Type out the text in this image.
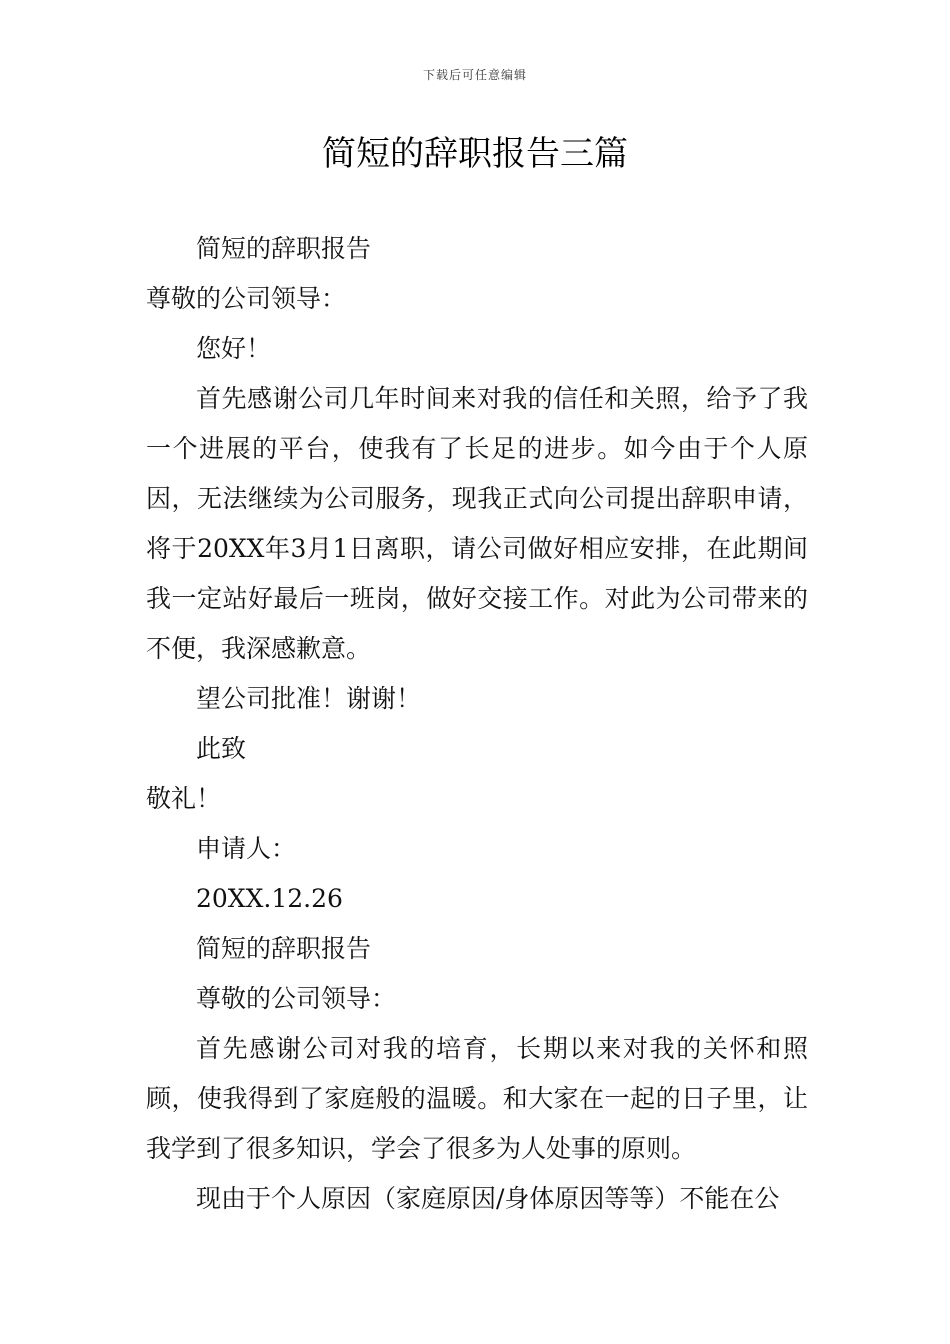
下载后可任意编辑
简短的辞职报告三篇

简短的辞职报告

尊敬的公司领导：

您好！

首先感谢公司几年时间来对我的信任和关照，给予了我一个进展的平台，使我有了长足的进步。如今由于个人原因，无法继续为公司服务，现我正式向公司提出辞职申请，将于20XX年3月1日离职，请公司做好相应安排，在此期间我一定站好最后一班岗，做好交接工作。对此为公司带来的不便，我深感歉意。

望公司批准！谢谢！

此致

敬礼！

申请人：

20XX.12.26

简短的辞职报告

尊敬的公司领导：

首先感谢公司对我的培育，长期以来对我的关怀和照顾，使我得到了家庭般的温暖。和大家在一起的日子里，让我学到了很多知识，学会了很多为人处事的原则。

现由于个人原因（家庭原因/身体原因等等）不能在公
